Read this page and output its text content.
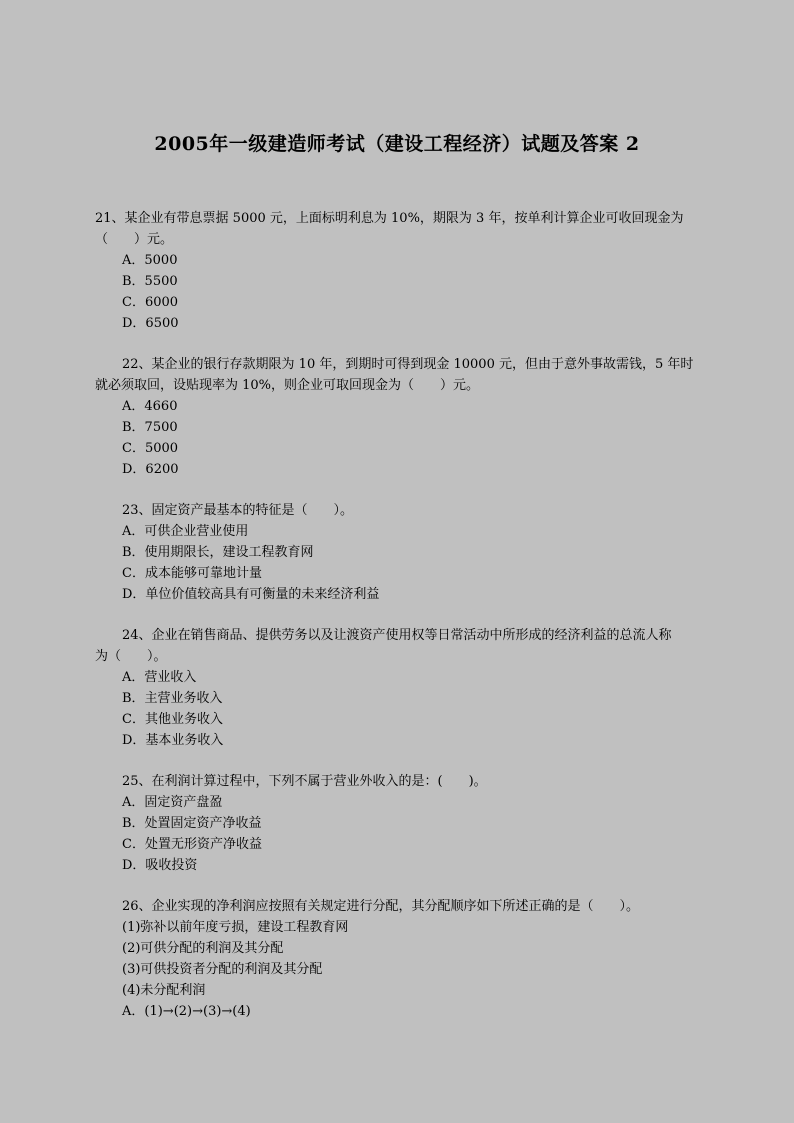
2005年一级建造师考试（建设工程经济）试题及答案 2
21、某企业有带息票据 5000 元，上面标明利息为 10%，期限为 3 年，按单利计算企业可收回现金为
（　　）元。
A．5000
B．5500
C．6000
D．6500
22、某企业的银行存款期限为 10 年，到期时可得到现金 10000 元，但由于意外事故需钱，5 年时
就必须取回，设贴现率为 10%，则企业可取回现金为（　　）元。
A．4660
B．7500
C．5000
D．6200
23、固定资产最基本的特征是（　　）。
A．可供企业营业使用
B．使用期限长，建设工程教育网
C．成本能够可靠地计量
D．单位价值较高具有可衡量的未来经济利益
24、企业在销售商品、提供劳务以及让渡资产使用权等日常活动中所形成的经济利益的总流人称
为（　　）。
A．营业收入
B．主营业务收入
C．其他业务收入
D．基本业务收入
25、在利润计算过程中，下列不属于营业外收入的是：(　　)。
A．固定资产盘盈
B．处置固定资产净收益
C．处置无形资产净收益
D．吸收投资
26、企业实现的净利润应按照有关规定进行分配，其分配顺序如下所述正确的是（　　）。
(1)弥补以前年度亏损，建设工程教育网
(2)可供分配的利润及其分配
(3)可供投资者分配的利润及其分配
(4)未分配利润
A．(1)→(2)→(3)→(4)
